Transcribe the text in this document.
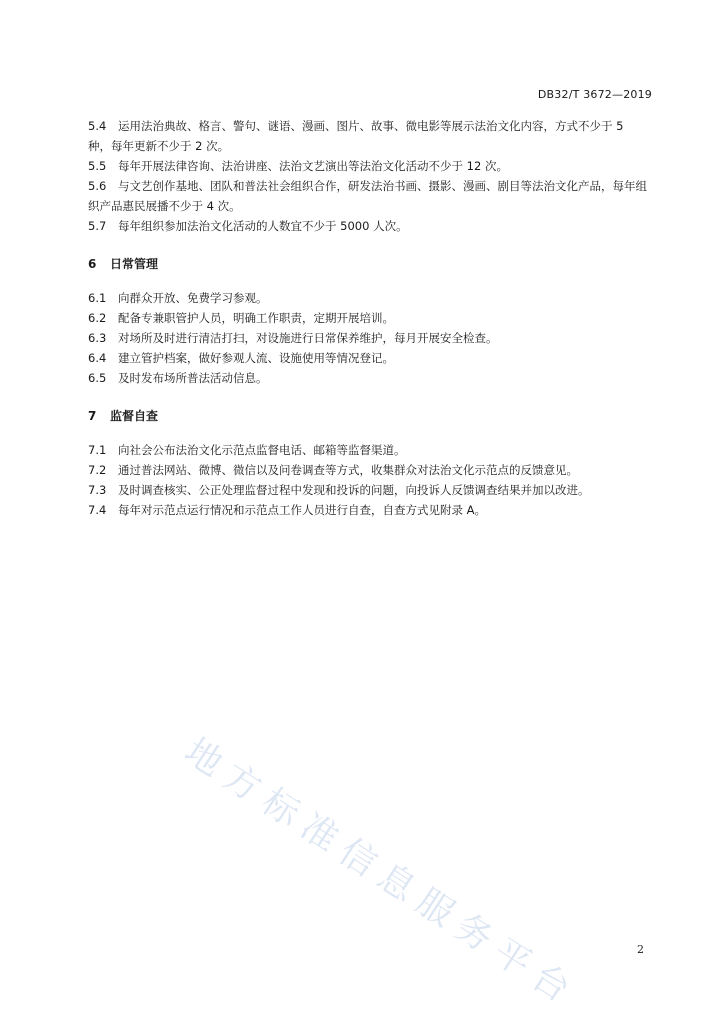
DB32/T 3672—2019

5.4 运用法治典故、格言、警句、谜语、漫画、图片、故事、微电影等展示法治文化内容，方式不少于 5 种，每年更新不少于 2 次。

5.5 每年开展法律咨询、法治讲座、法治文艺演出等法治文化活动不少于 12 次。

5.6 与文艺创作基地、团队和普法社会组织合作，研发法治书画、摄影、漫画、剧目等法治文化产品，每年组织产品惠民展播不少于 4 次。

5.7 每年组织参加法治文化活动的人数宜不少于 5000 人次。

6 日常管理

6.1 向群众开放、免费学习参观。

6.2 配备专兼职管护人员，明确工作职责，定期开展培训。

6.3 对场所及时进行清洁打扫，对设施进行日常保养维护，每月开展安全检查。

6.4 建立管护档案，做好参观人流、设施使用等情况登记。

6.5 及时发布场所普法活动信息。

7 监督自查

7.1 向社会公布法治文化示范点监督电话、邮箱等监督渠道。

7.2 通过普法网站、微博、微信以及问卷调查等方式，收集群众对法治文化示范点的反馈意见。

7.3 及时调查核实、公正处理监督过程中发现和投诉的问题，向投诉人反馈调查结果并加以改进。

7.4 每年对示范点运行情况和示范点工作人员进行自查，自查方式见附录 A。

地方标准信息服务平台	2
